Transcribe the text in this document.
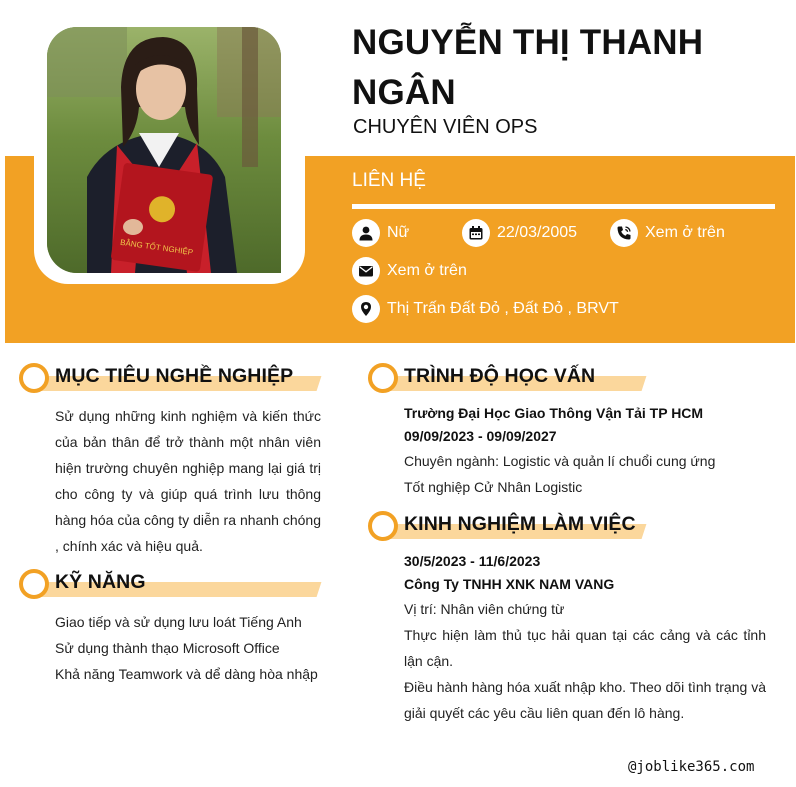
BẰNG TỐT NGHIỆP
NGUYỄN THỊ THANH NGÂN
CHUYÊN VIÊN OPS
LIÊN HỆ
Nữ	22/03/2005	Xem ở trên
Xem ở trên
Thị Trấn Đất Đỏ , Đất Đỏ , BRVT
MỤC TIÊU NGHỀ NGHIỆP
Sử dụng những kinh nghiệm và kiến thức của bản thân để trở thành một nhân viên hiện trường chuyên nghiệp mang lại giá trị cho công ty và giúp quá trình lưu thông hàng hóa của công ty diễn ra nhanh chóng , chính xác và hiệu quả.
KỸ NĂNG
Giao tiếp và sử dụng lưu loát Tiếng Anh
Sử dụng thành thạo Microsoft Office
Khả năng Teamwork và dể dàng hòa nhập
TRÌNH ĐỘ HỌC VẤN
Trường Đại Học Giao Thông Vận Tải TP HCM
09/09/2023 - 09/09/2027
Chuyên ngành: Logistic và quản lí chuổi cung ứng
Tốt nghiệp Cử Nhân Logistic
KINH NGHIỆM LÀM VIỆC
30/5/2023 - 11/6/2023
Công Ty TNHH XNK NAM VANG
Vị trí: Nhân viên chứng từ
Thực hiện làm thủ tục hải quan tại các cảng và các tỉnh lận cận.
Điều hành hàng hóa xuất nhập kho. Theo dõi tình trạng và giải quyết các yêu cầu liên quan đến lô hàng.
@joblike365.com
